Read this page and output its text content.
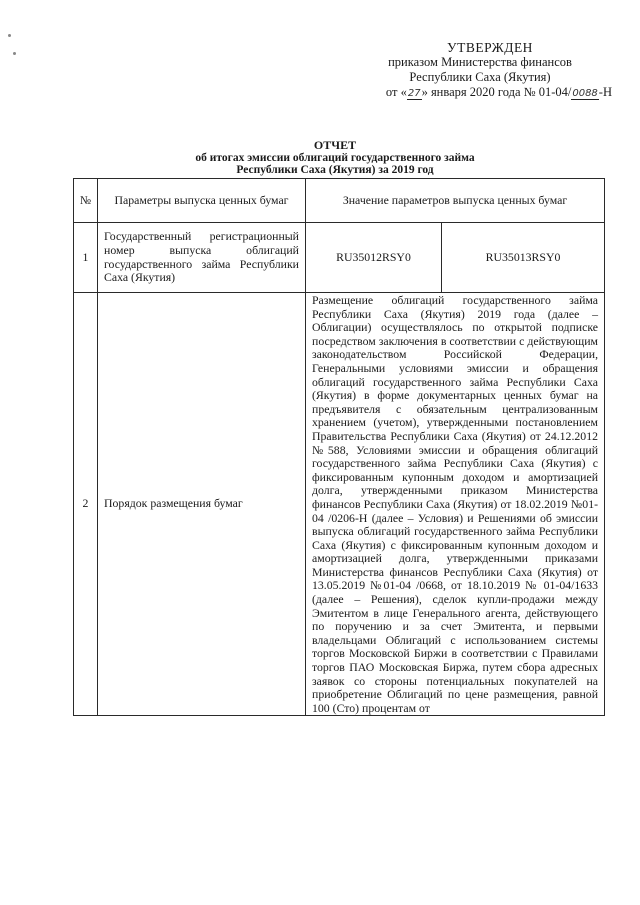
УТВЕРЖДЕН
приказом Министерства финансов
Республики Саха (Якутия)
от «27» января 2020 года № 01-04/0088-Н
ОТЧЕТ
об итогах эмиссии облигаций государственного займа
Республики Саха (Якутия) за 2019 год
№	Параметры выпуска ценных бумаг	Значение параметров выпуска ценных бумаг	
1	Государственный регистрационный номер выпуска облигаций государственного займа Республики Саха (Якутия)	RU35012RSY0	RU35013RSY0
2	Порядок размещения бумаг	Размещение облигаций государственного займа Республики Саха (Якутия) 2019 года (далее – Облигации) осуществлялось по открытой подписке посредством заключения в соответствии с действующим законодательством Российской Федерации, Генеральными условиями эмиссии и обращения облигаций государственного займа Республики Саха (Якутия) в форме документарных ценных бумаг на предъявителя с обязательным централизованным хранением (учетом), утвержденными постановлением Правительства Республики Саха (Якутия) от 24.12.2012 №588, Условиями эмиссии и обращения облигаций государственного займа Республики Саха (Якутия) с фиксированным купонным доходом и амортизацией долга, утвержденными приказом Министерства финансов Республики Саха (Якутия) от 18.02.2019 №01-04 /0206-Н (далее – Условия) и Решениями об эмиссии выпуска облигаций государственного займа Республики Саха (Якутия) с фиксированным купонным доходом и амортизацией долга, утвержденными приказами Министерства финансов Республики Саха (Якутия) от 13.05.2019 №01-04 /0668, от 18.10.2019 № 01-04/1633 (далее – Решения), сделок купли-продажи между Эмитентом в лице Генерального агента, действующего по поручению и за счет Эмитента, и первыми владельцами Облигаций с использованием системы торгов Московской Биржи в соответствии с Правилами торгов ПАО Московская Биржа, путем сбора адресных заявок со стороны потенциальных покупателей на приобретение Облигаций по цене размещения, равной 100 (Сто) процентам от	
